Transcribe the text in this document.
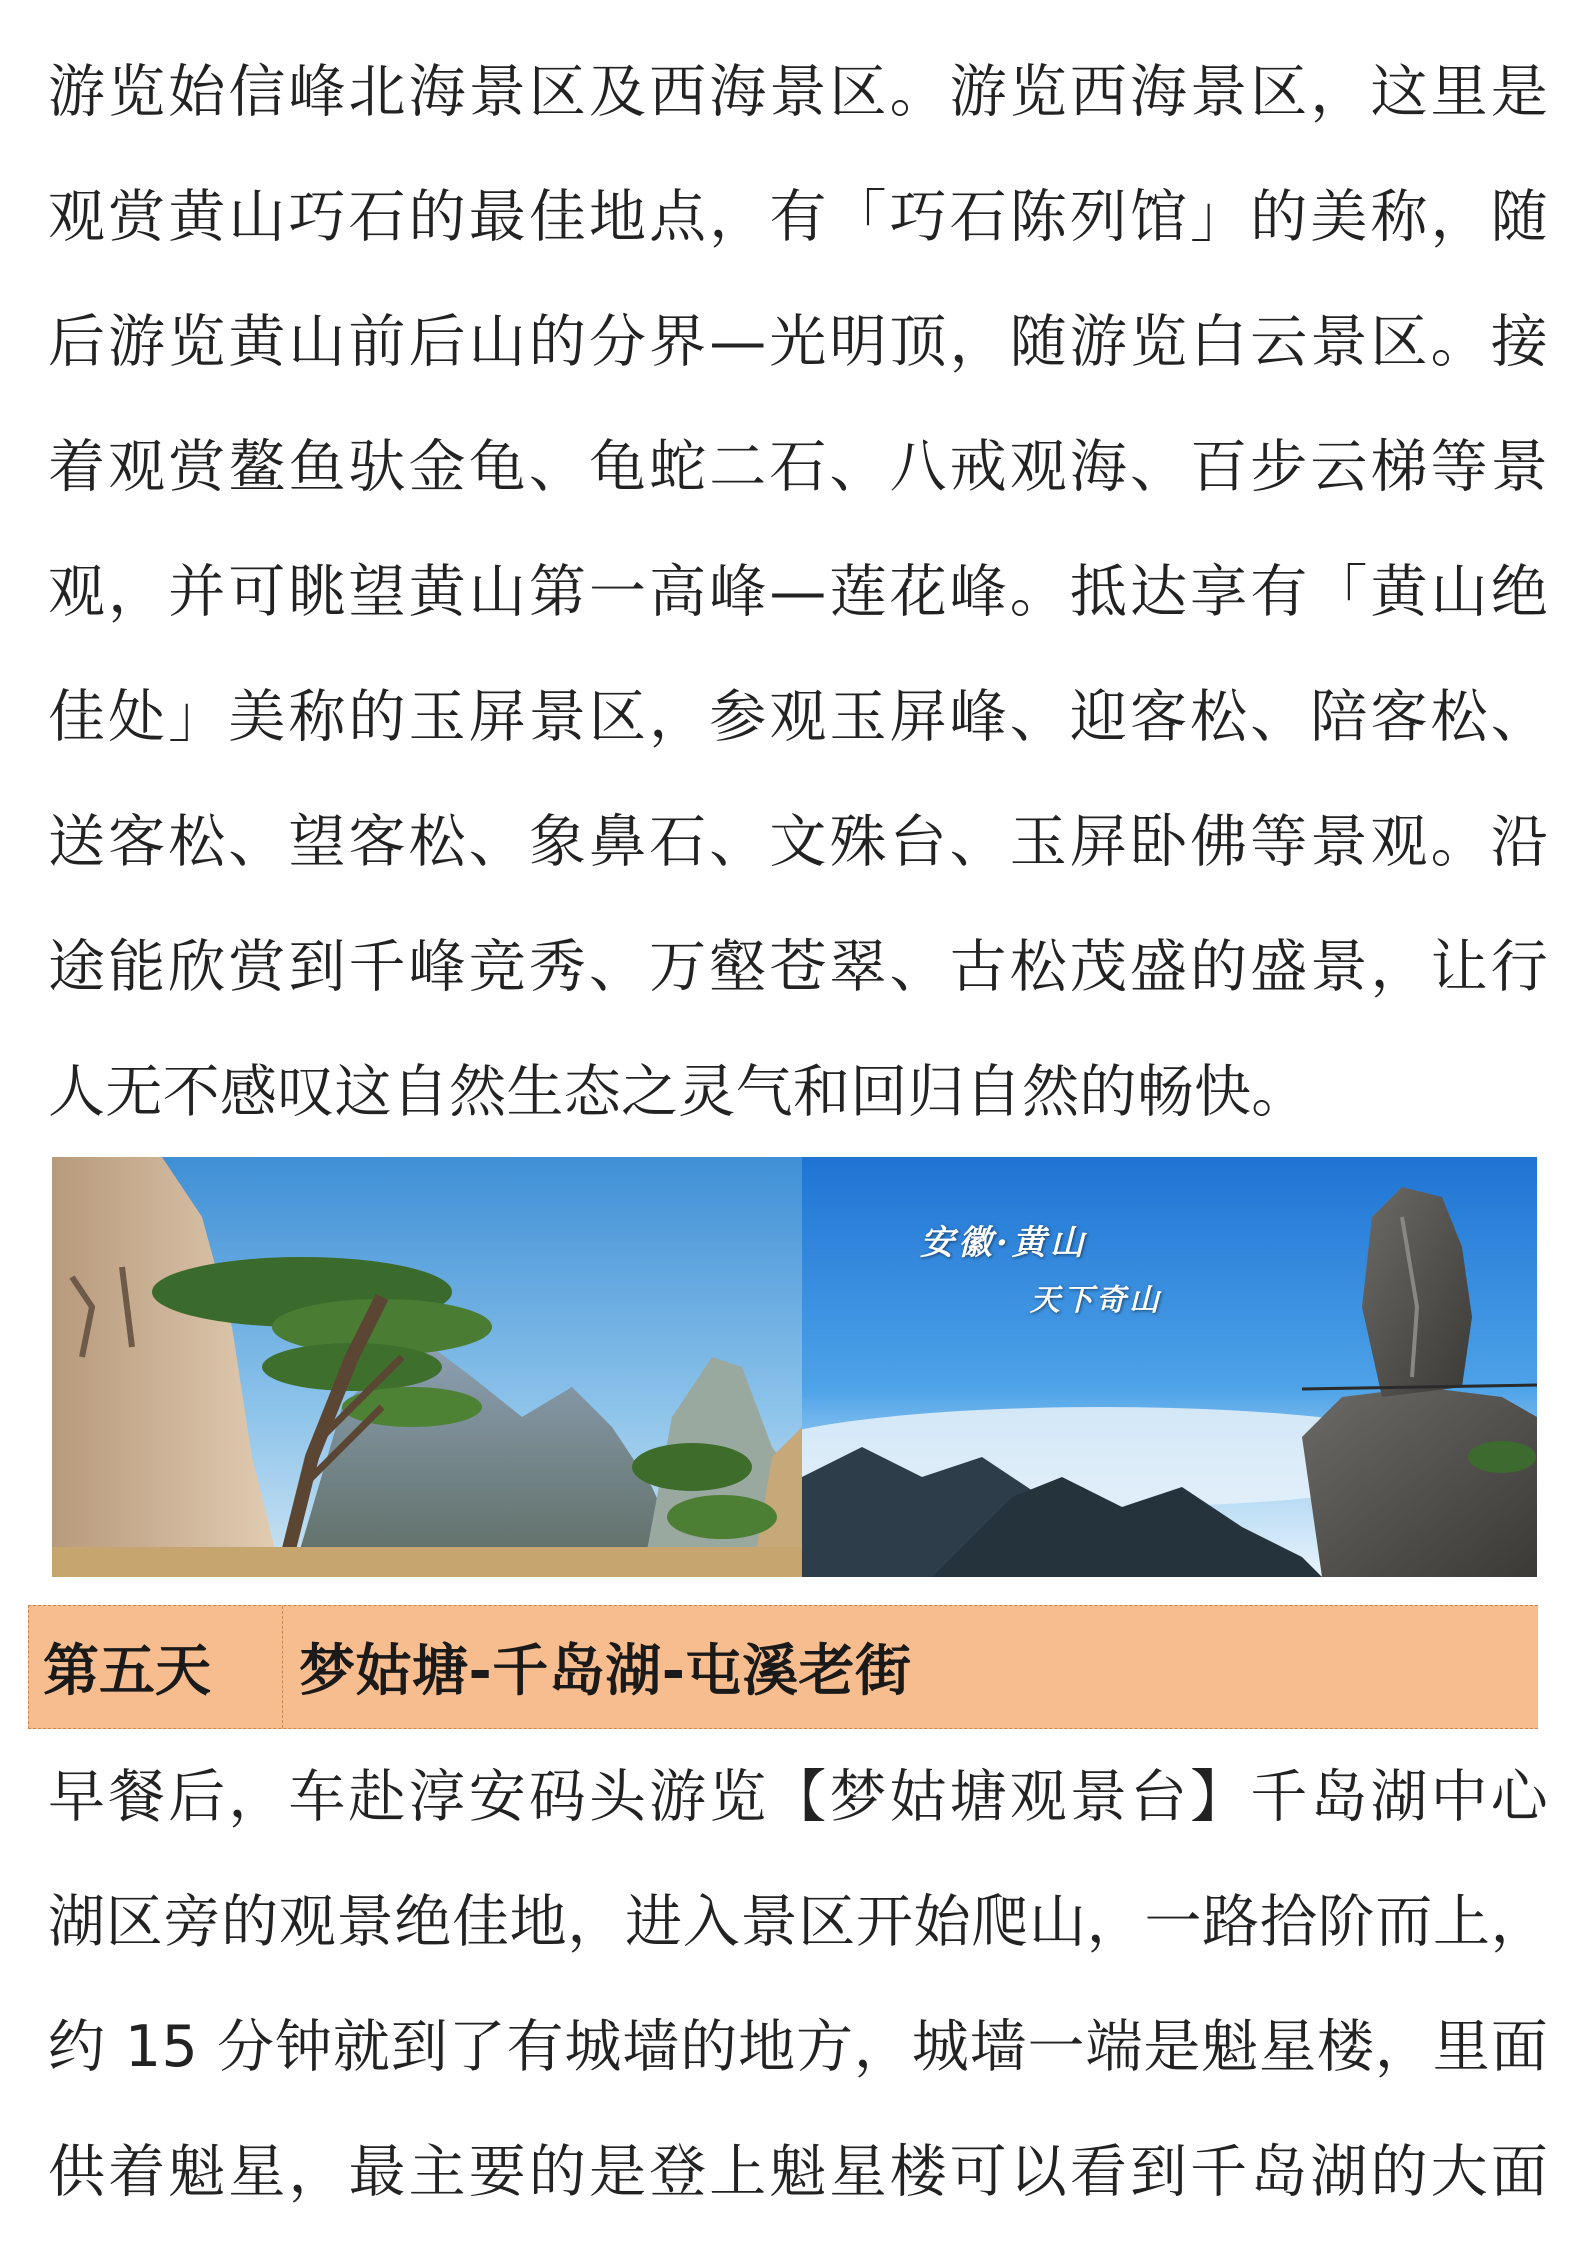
游览始信峰北海景区及西海景区。游览西海景区，这里是
观赏黄山巧石的最佳地点，有「巧石陈列馆」的美称，随
后游览黄山前后山的分界—光明顶，随游览白云景区。接
着观赏鳌鱼驮金龟、龟蛇二石、八戒观海、百步云梯等景
观，并可眺望黄山第一高峰—莲花峰。抵达享有「黄山绝
佳处」美称的玉屏景区，参观玉屏峰、迎客松、陪客松、
送客松、望客松、象鼻石、文殊台、玉屏卧佛等景观。沿
途能欣赏到千峰竞秀、万壑苍翠、古松茂盛的盛景，让行
人无不感叹这自然生态之灵气和回归自然的畅快。
安徽·黄山
天下奇山
第五天	梦姑塘-千岛湖-屯溪老街
早餐后，车赴淳安码头游览【梦姑塘观景台】千岛湖中心
湖区旁的观景绝佳地，进入景区开始爬山，一路拾阶而上，
约 15 分钟就到了有城墙的地方，城墙一端是魁星楼，里面
供着魁星，最主要的是登上魁星楼可以看到千岛湖的大面
